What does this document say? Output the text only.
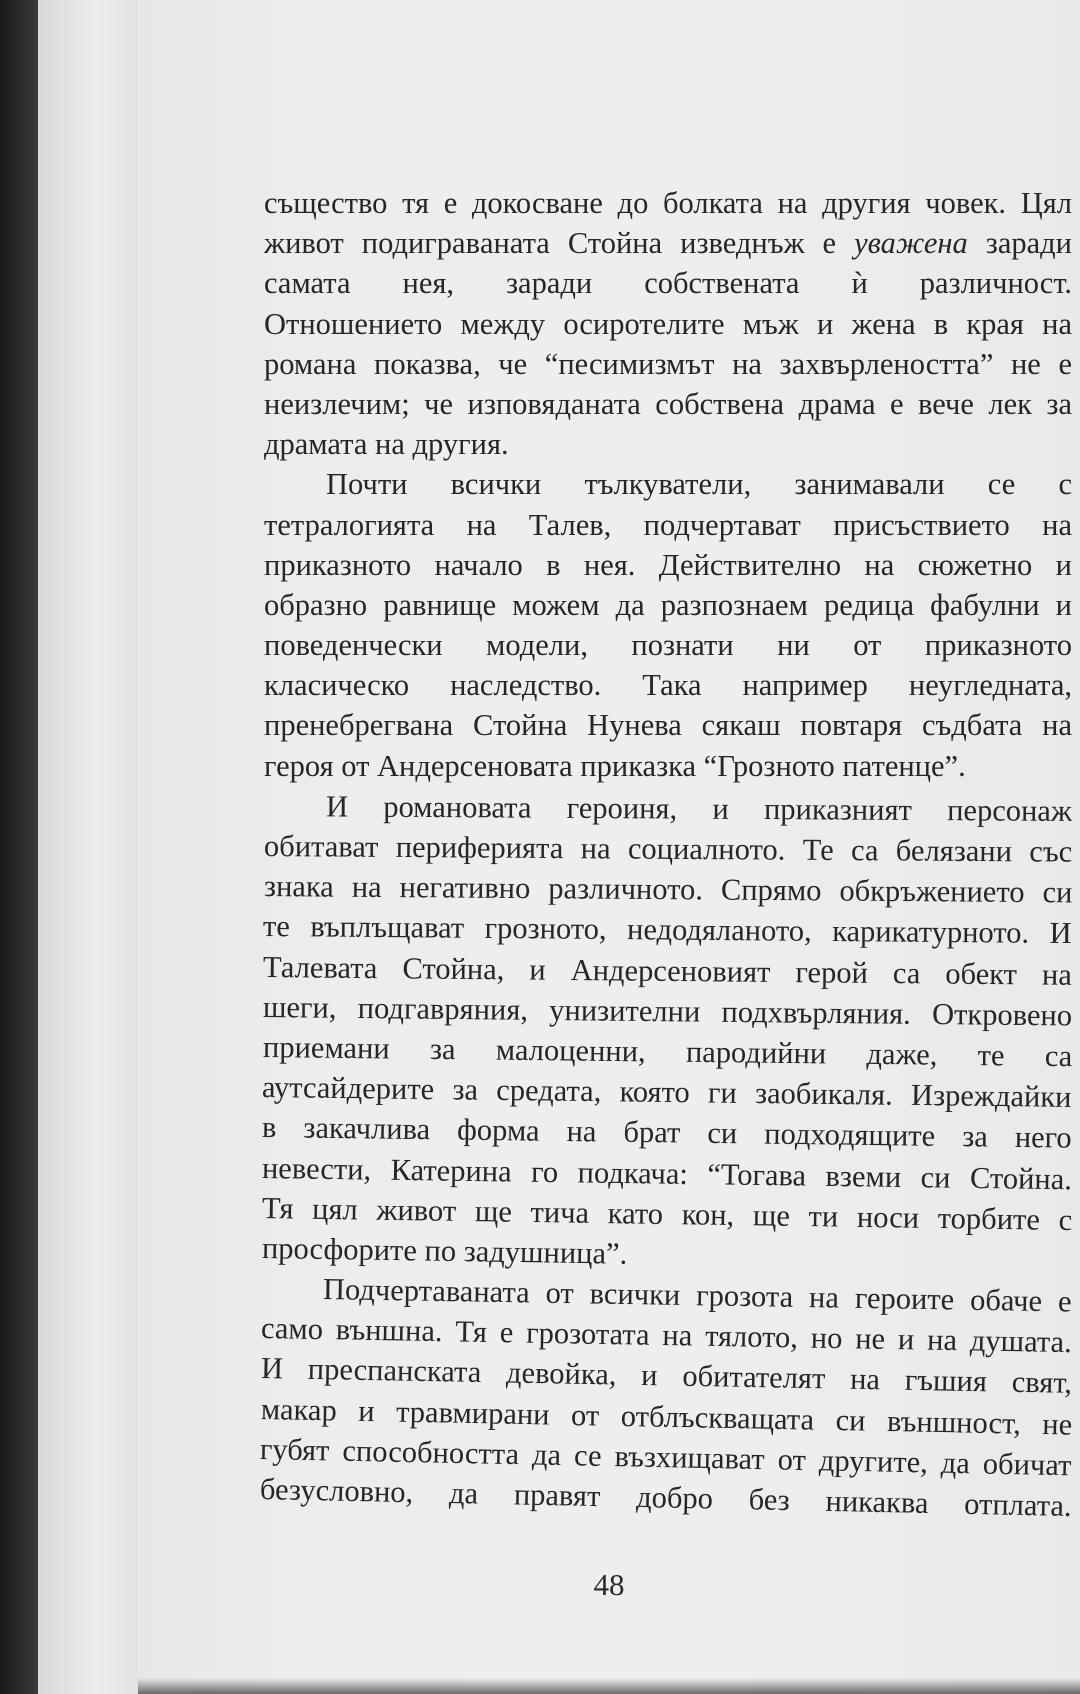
същество тя е докосване до болката на другия човек. Цял
живот подигравaната Стойна изведнъж е уважена заради
самата нея, заради собствената ѝ различност.
Отношението между осиротелите мъж и жена в края на
романа показва, че “песимизмът на захвърлеността” не е
неизлечим; че изповяданата собствена драма е вече лек за
драмата на другия.
Почти всички тълкуватели, занимавали се с
тетралогията на Талев, подчертават присъствието на
приказното начало в нея. Действително на сюжетно и
образно равнище можем да разпознаем редица фабулни и
поведенчески модели, познати ни от приказното
класическо наследство. Така например неугледната,
пренебрегвана Стойна Нунева сякаш повтаря съдбата на
героя от Андерсеновата приказка “Грозното патенце”.
И романовата героиня, и приказният персонаж
обитават периферията на социалното. Те са белязани със
знака на негативно различното. Спрямо обкръжението си
те въплъщават грозното, недодяланото, карикатурното. И
Талевата Стойна, и Андерсеновият герой са обект на
шеги, подгавряния, унизителни подхвърляния. Откровено
приемани за малоценни, пародийни даже, те са
аутсайдерите за средата, която ги заобикаля. Изреждайки
в закачлива форма на брат си подходящите за него
невести, Катерина го подкача: “Тогава вземи си Стойна.
Тя цял живот ще тича като кон, ще ти носи торбите с
просфорите по задушница”.
Подчертаваната от всички грозота на героите обаче е
само външна. Тя е грозотата на тялото, но не и на душата.
И преспанската девойка, и обитателят на гъшия свят,
макар и травмирани от отблъскващата си външност, не
губят способността да се възхищават от другите, да обичат
безусловно, да правят добро без никаква отплата.
48
